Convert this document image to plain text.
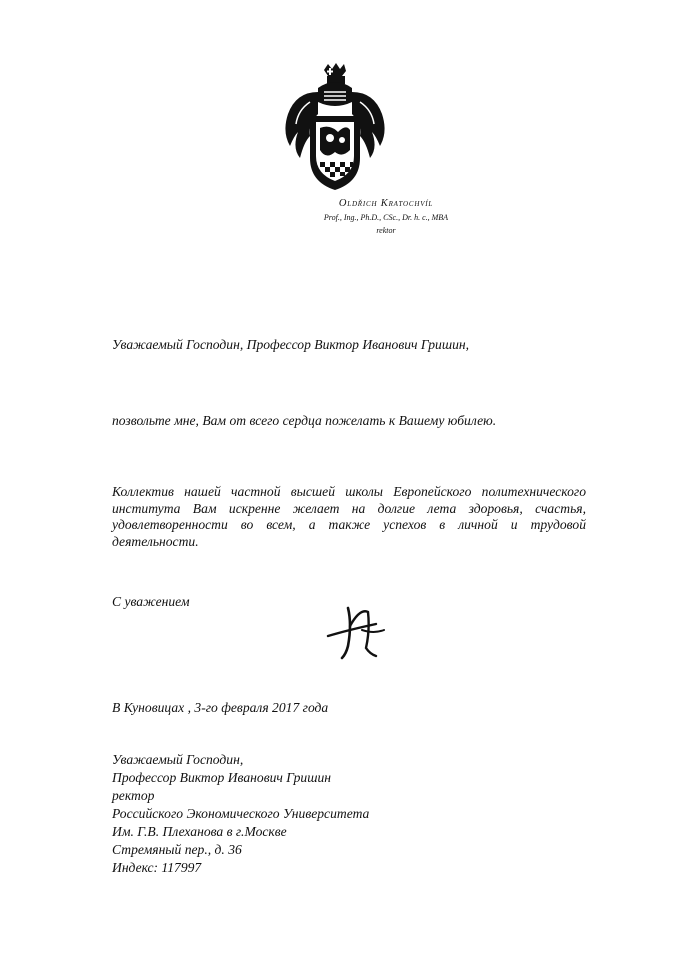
Oldřich Kratochvíl
Prof., Ing., Ph.D., CSc., Dr. h. c., MBA
rektor
Уважаемый Господин, Профессор Виктор Иванович Гришин,
позвольте мне, Вам от всего сердца пожелать к Вашему юбилею.
Коллектив нашей частной высшей школы Европейского политехнического
института Вам искренне желает на долгие лета здоровья, счастья,
удовлетворенности во всем, а также успехов в личной и трудовой
деятельности.
С уважением
В Куновицах , 3-го февраля 2017 года
Уважаемый Господин,
Профессор Виктор Иванович Гришин
ректор
Российского Экономического Университета
Им. Г.В. Плеханова в г.Москве
Стремяный пер., д. 36
Индекс: 117997
